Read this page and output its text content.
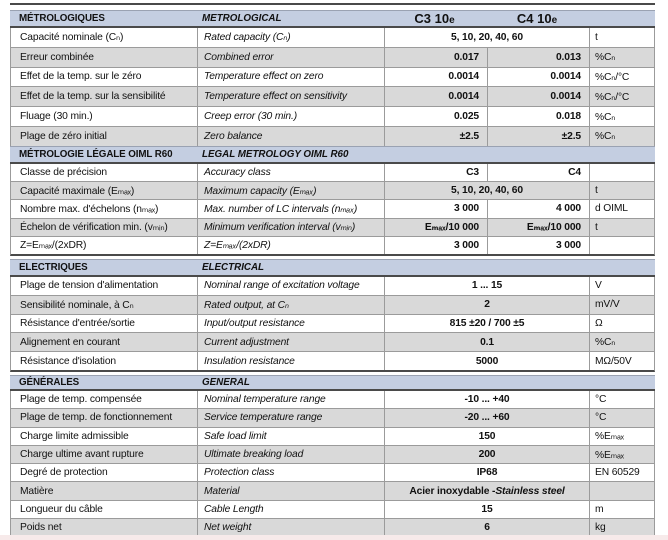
MÉTROLOGIQUES	METROLOGICAL	C3 10e	C4 10e
Capacité nominale (Cₙ)	Rated capacity (Cₙ)	5, 10, 20, 40, 60	t
Erreur combinée	Combined error	0.017	0.013	%Cₙ
Effet de la temp. sur le zéro	Temperature effect on zero	0.0014	0.0014	%Cₙ/°C
Effet de la temp. sur la sensibilité	Temperature effect on sensitivity	0.0014	0.0014	%Cₙ/°C
Fluage (30 min.)	Creep error (30 min.)	0.025	0.018	%Cₙ
Plage de zéro initial	Zero balance	±2.5	±2.5	%Cₙ
MÉTROLOGIE LÉGALE OIML R60	LEGAL METROLOGY OIML R60
Classe de précision	Accuracy class	C3	C4
Capacité maximale (Eₘₐₓ)	Maximum capacity (Eₘₐₓ)	5, 10, 20, 40, 60	t
Nombre max. d'échelons (nₘₐₓ)	Max. number of LC intervals (nₘₐₓ)	3 000	4 000	d OIML
Échelon de vérification min. (vₘᵢₙ)	Minimum verification interval (vₘᵢₙ)	Eₘₐₓ/10 000	Eₘₐₓ/10 000	t
Z=Eₘₐₓ/(2xDR)	Z=Eₘₐₓ/(2xDR)	3 000	3 000
ELECTRIQUES	ELECTRICAL
Plage de tension d'alimentation	Nominal range of excitation voltage	1 ... 15	V
Sensibilité nominale, à Cₙ	Rated output, at Cₙ	2	mV/V
Résistance d'entrée/sortie	Input/output resistance	815 ±20 / 700 ±5	Ω
Alignement en courant	Current adjustment	0.1	%Cₙ
Résistance d'isolation	Insulation resistance	5000	MΩ/50V
GÉNÉRALES	GENERAL
Plage de temp. compensée	Nominal temperature range	-10 ... +40	°C
Plage de temp. de fonctionnement	Service temperature range	-20 ... +60	°C
Charge limite admissible	Safe load limit	150	%Eₘₐₓ
Charge ultime avant rupture	Ultimate breaking load	200	%Eₘₐₓ
Degré de protection	Protection class	IP68	EN 60529
Matière	Material	Acier inoxydable - Stainless steel
Longueur du câble	Cable Length	15	m
Poids net	Net weight	6	kg
